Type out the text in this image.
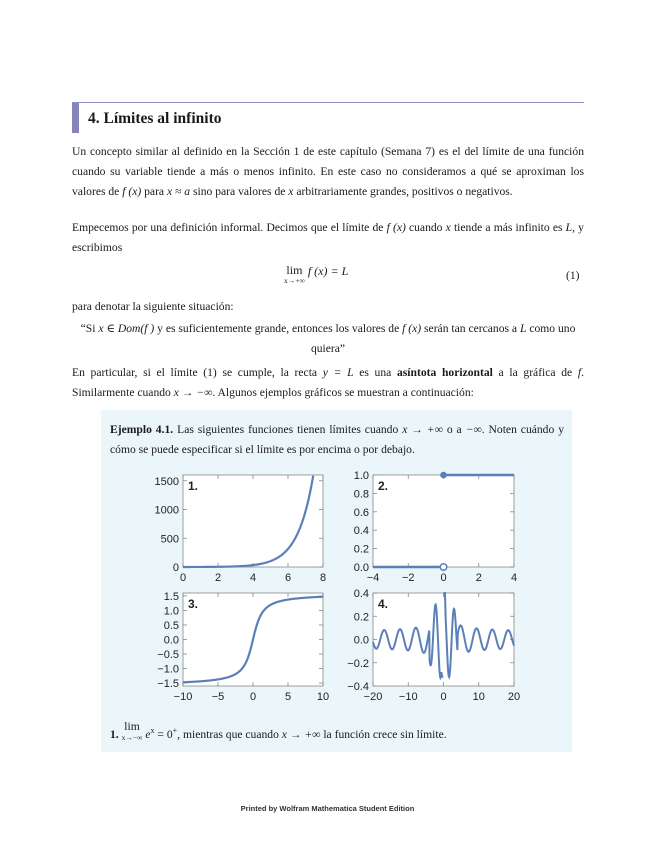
4. Límites al infinito
Un concepto similar al definido en la Sección 1 de este capítulo (Semana 7) es el del límite de una función cuando su variable tiende a más o menos infinito. En este caso no consideramos a qué se aproximan los valores de f (x) para x ≈ a sino para valores de x arbitrariamente grandes, positivos o negativos.
Empecemos por una definición informal. Decimos que el límite de f (x) cuando x tiende a más infinito es L, y escribimos
lim
x→+∞
f (x) = L	(1)
para denotar la siguiente situación:
“Si x ∈ Dom(f ) y es suficientemente grande, entonces los valores de f (x) serán tan cercanos a L como uno quiera”
En particular, si el límite (1) se cumple, la recta y = L es una asíntota horizontal a la gráfica de f. Similarmente cuando x → −∞. Algunos ejemplos gráficos se muestran a continuación:
Ejemplo 4.1. Las siguientes funciones tienen límites cuando x → +∞ o a −∞. Noten cuándo y cómo se puede especificar si el límite es por encima o por debajo.
0	2	4	6	8
0
500
1000
1500 1.
−4 −2 0	2	4
0.0
0.2
0.4
0.6
0.8
1.0
2.
−10 −5 0	5 10
−1.5
−1.0
−0.5
0.0
0.5
1.0
1.5
3.
−20 −10 0 10 20
−0.4
−0.2
0.0
0.2
0.4
4.
1. lim
x→−∞ $e^x = 0^+$, mientras que cuando x → +∞ la función crece sin límite.
Printed by Wolfram Mathematica Student Edition
